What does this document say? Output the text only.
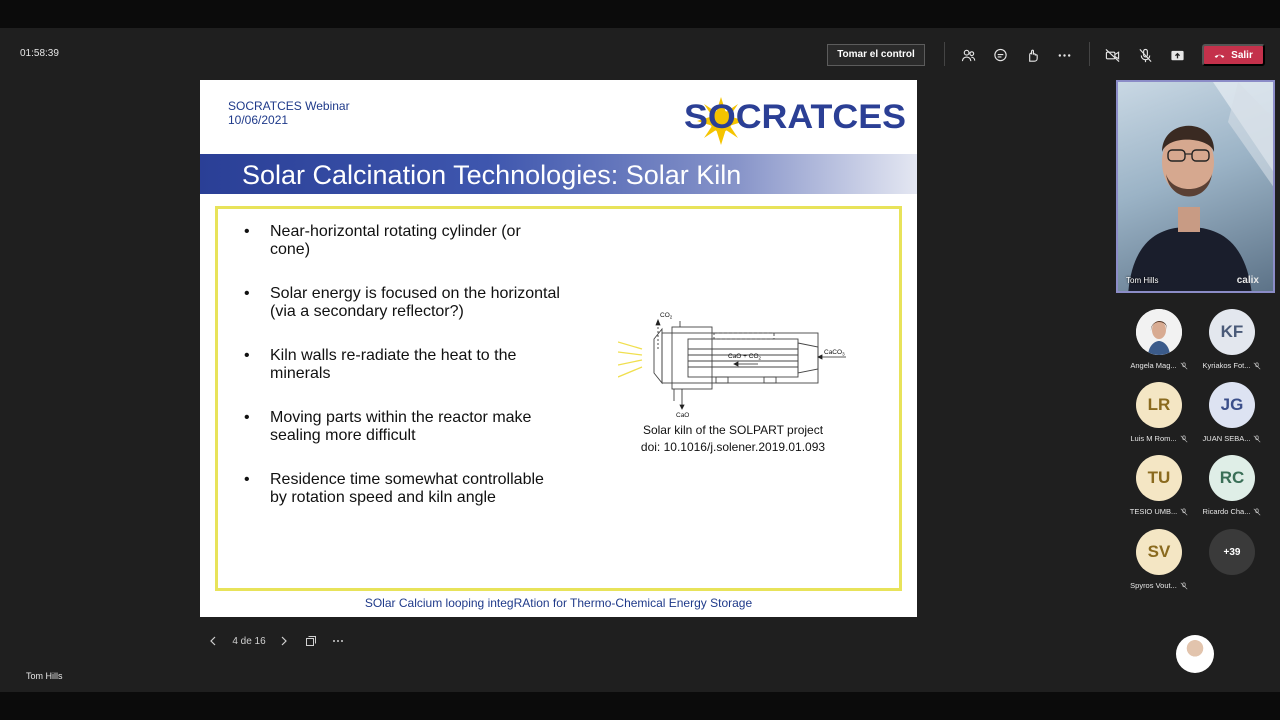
01:58:39	Tomar el control	Salir
SOCRATCES Webinar
10/06/2021	SOCRATCES
Solar Calcination Technologies: Solar Kiln
• Near-horizontal rotating cylinder (or cone)
• Solar energy is focused on the horizontal (via a secondary reflector?)
• Kiln walls re-radiate the heat to the minerals
• Moving parts within the reactor make sealing more difficult
• Residence time somewhat controllable by rotation speed and kiln angle
$CO_2$
CaO + $CO_2$
CaCO$_3$
CaO
Solar kiln of the SOLPART project
doi: 10.1016/j.solener.2019.01.093
SOlar Calcium looping integRAtion for Thermo-Chemical Energy Storage
4 de 16
Tom Hills
Tom Hills	calix
Angela Mag...
KF
Kyriakos Fot...
LR
Luis M Rom...
JG
JUAN SEBA...
TU
TESIO UMB...
RC
Ricardo Cha...
SV
Spyros Vout...
+39
